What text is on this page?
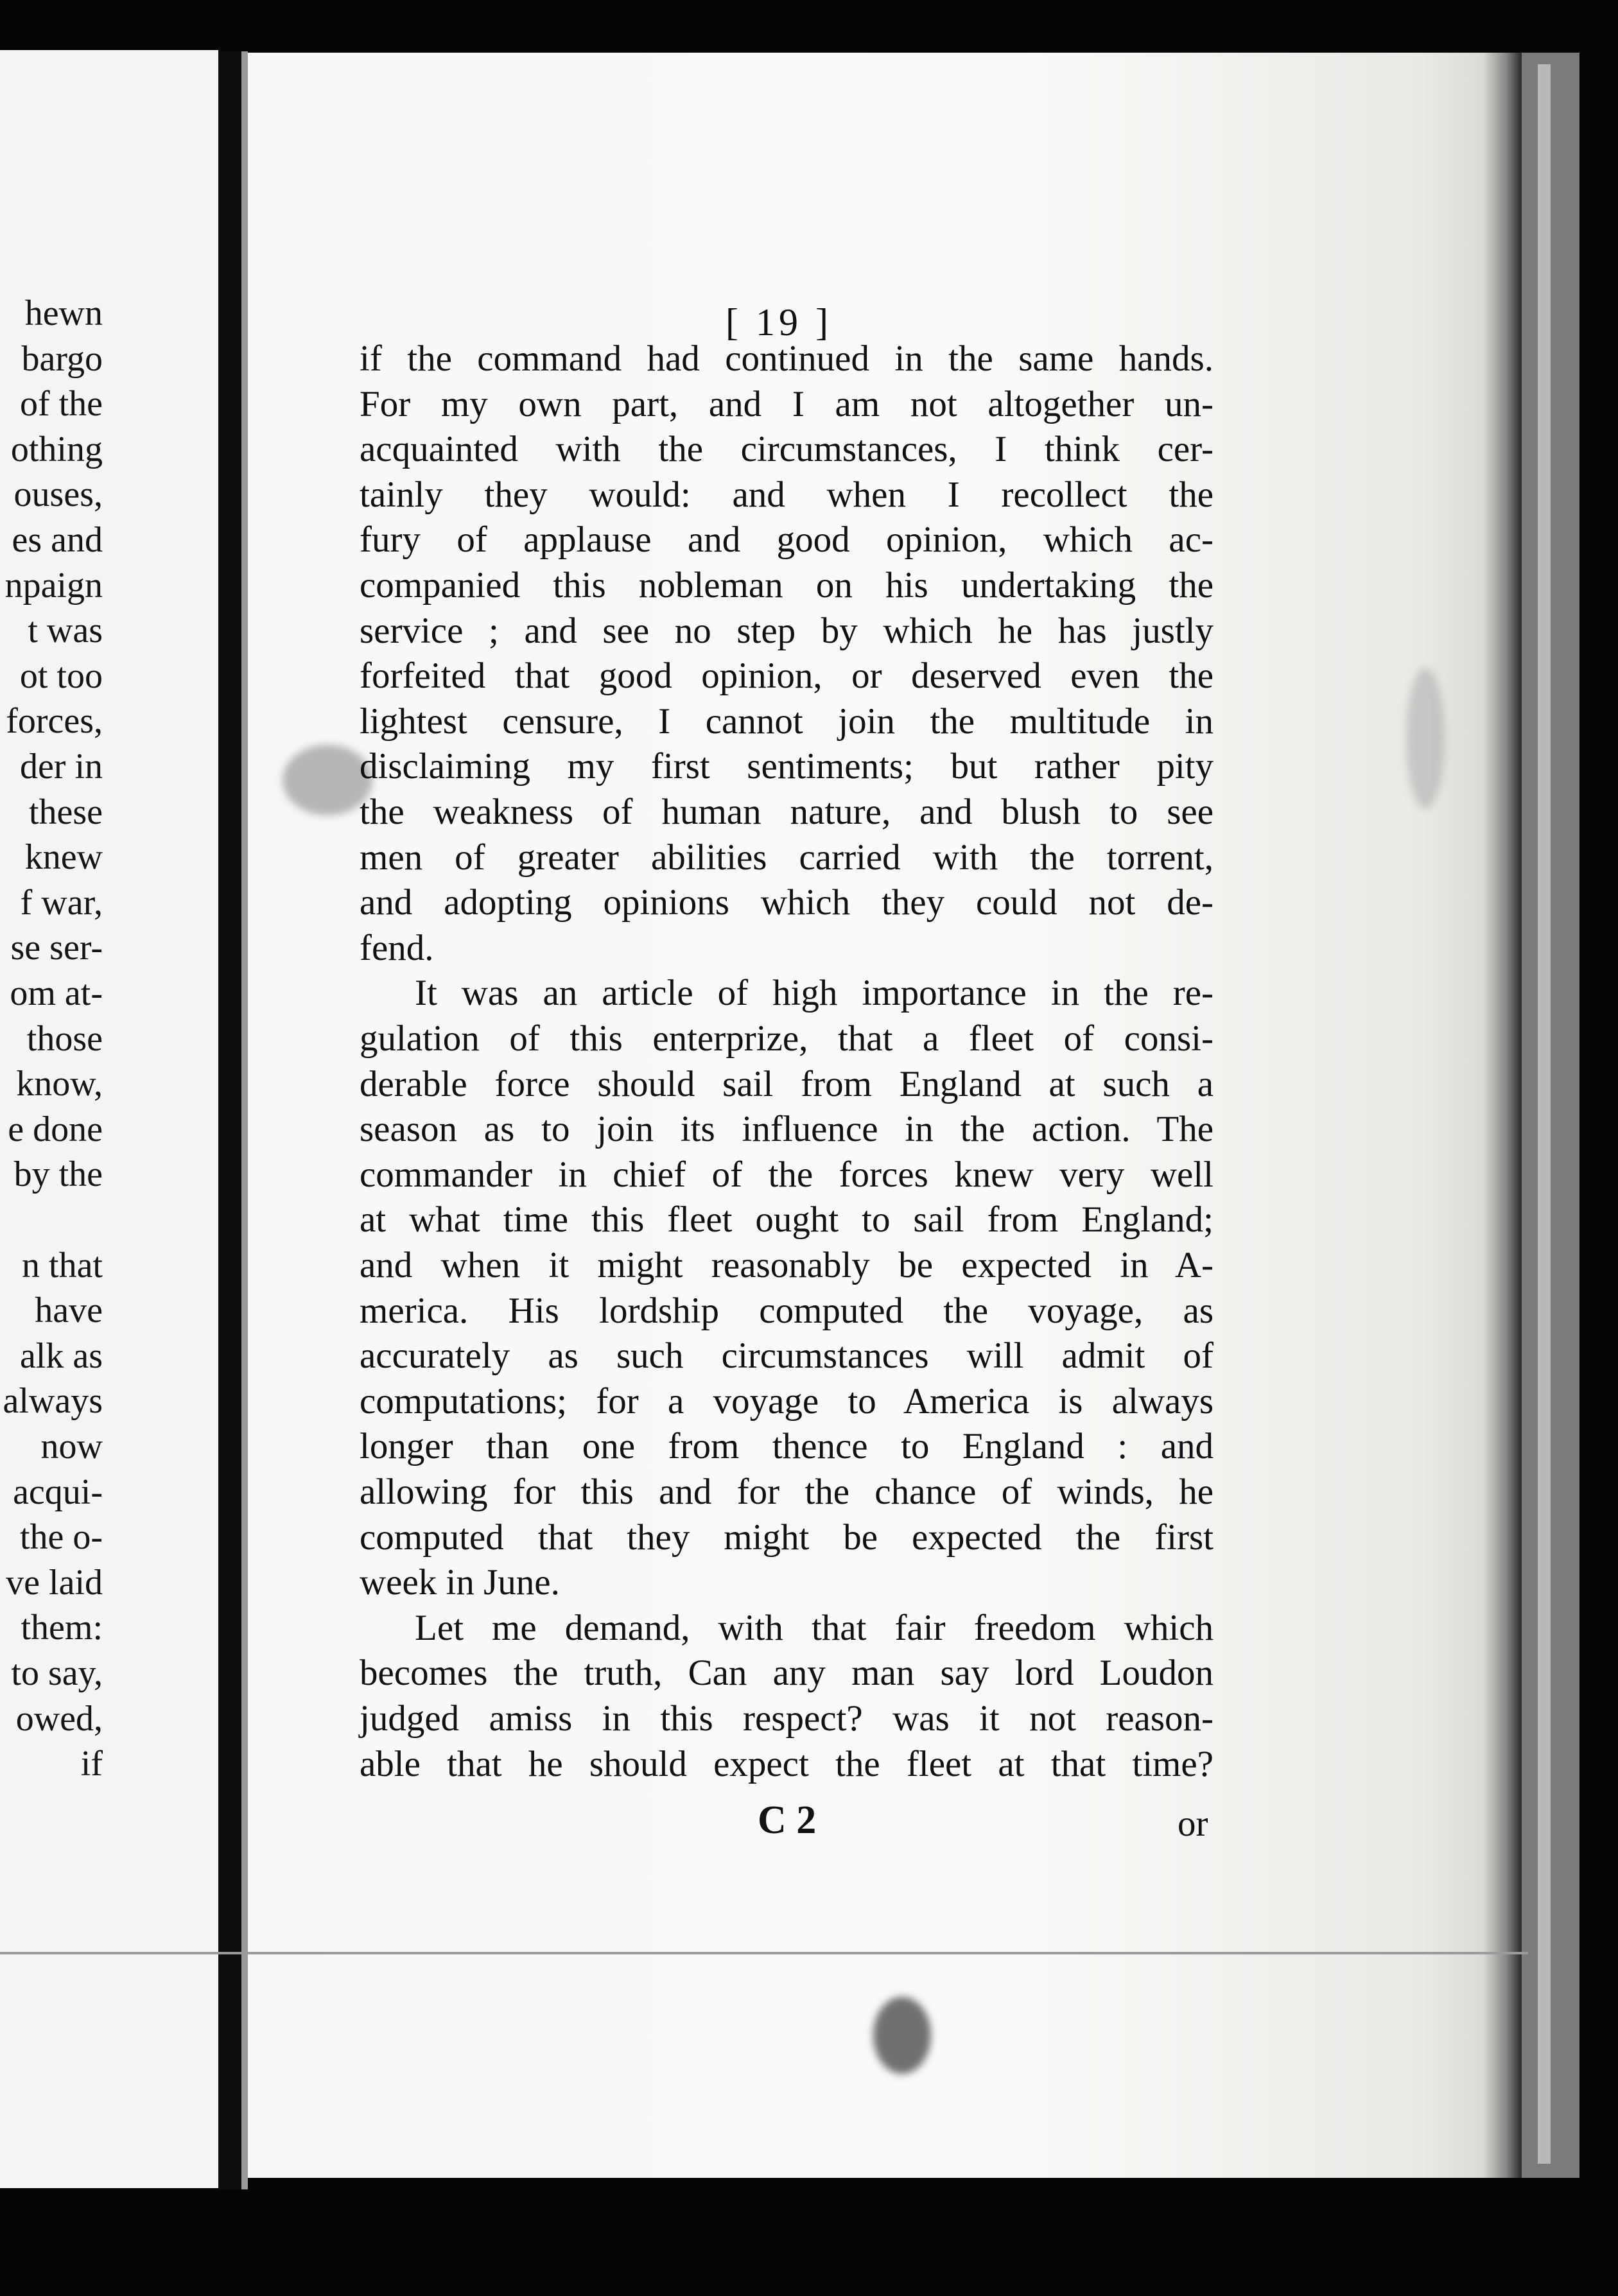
hewn
bargo
of the
othing
ouses,
es and
npaign
t was
ot too
forces,
der in
these
knew
f war,
se ser-
om at-
those
know,
e done
by the
n that
have
alk as
always
now
acqui-
the o-
ve laid
them:
to say,
owed,
if
[ 19 ]
if the command had continued in the same hands.
For my own part, and I am not altogether un-
acquainted with the circumstances, I think cer-
tainly they would: and when I recollect the
fury of applause and good opinion, which ac-
companied this nobleman on his undertaking the
service ; and see no step by which he has justly
forfeited that good opinion, or deserved even the
lightest censure, I cannot join the multitude in
disclaiming my first sentiments; but rather pity
the weakness of human nature, and blush to see
men of greater abilities carried with the torrent,
and adopting opinions which they could not de-
fend.
It was an article of high importance in the re-
gulation of this enterprize, that a fleet of consi-
derable force should sail from England at such a
season as to join its influence in the action. The
commander in chief of the forces knew very well
at what time this fleet ought to sail from England;
and when it might reasonably be expected in A-
merica. His lordship computed the voyage, as
accurately as such circumstances will admit of
computations; for a voyage to America is always
longer than one from thence to England : and
allowing for this and for the chance of winds, he
computed that they might be expected the first
week in June.
Let me demand, with that fair freedom which
becomes the truth, Can any man say lord Loudon
judged amiss in this respect? was it not reason-
able that he should expect the fleet at that time?
C 2	or
